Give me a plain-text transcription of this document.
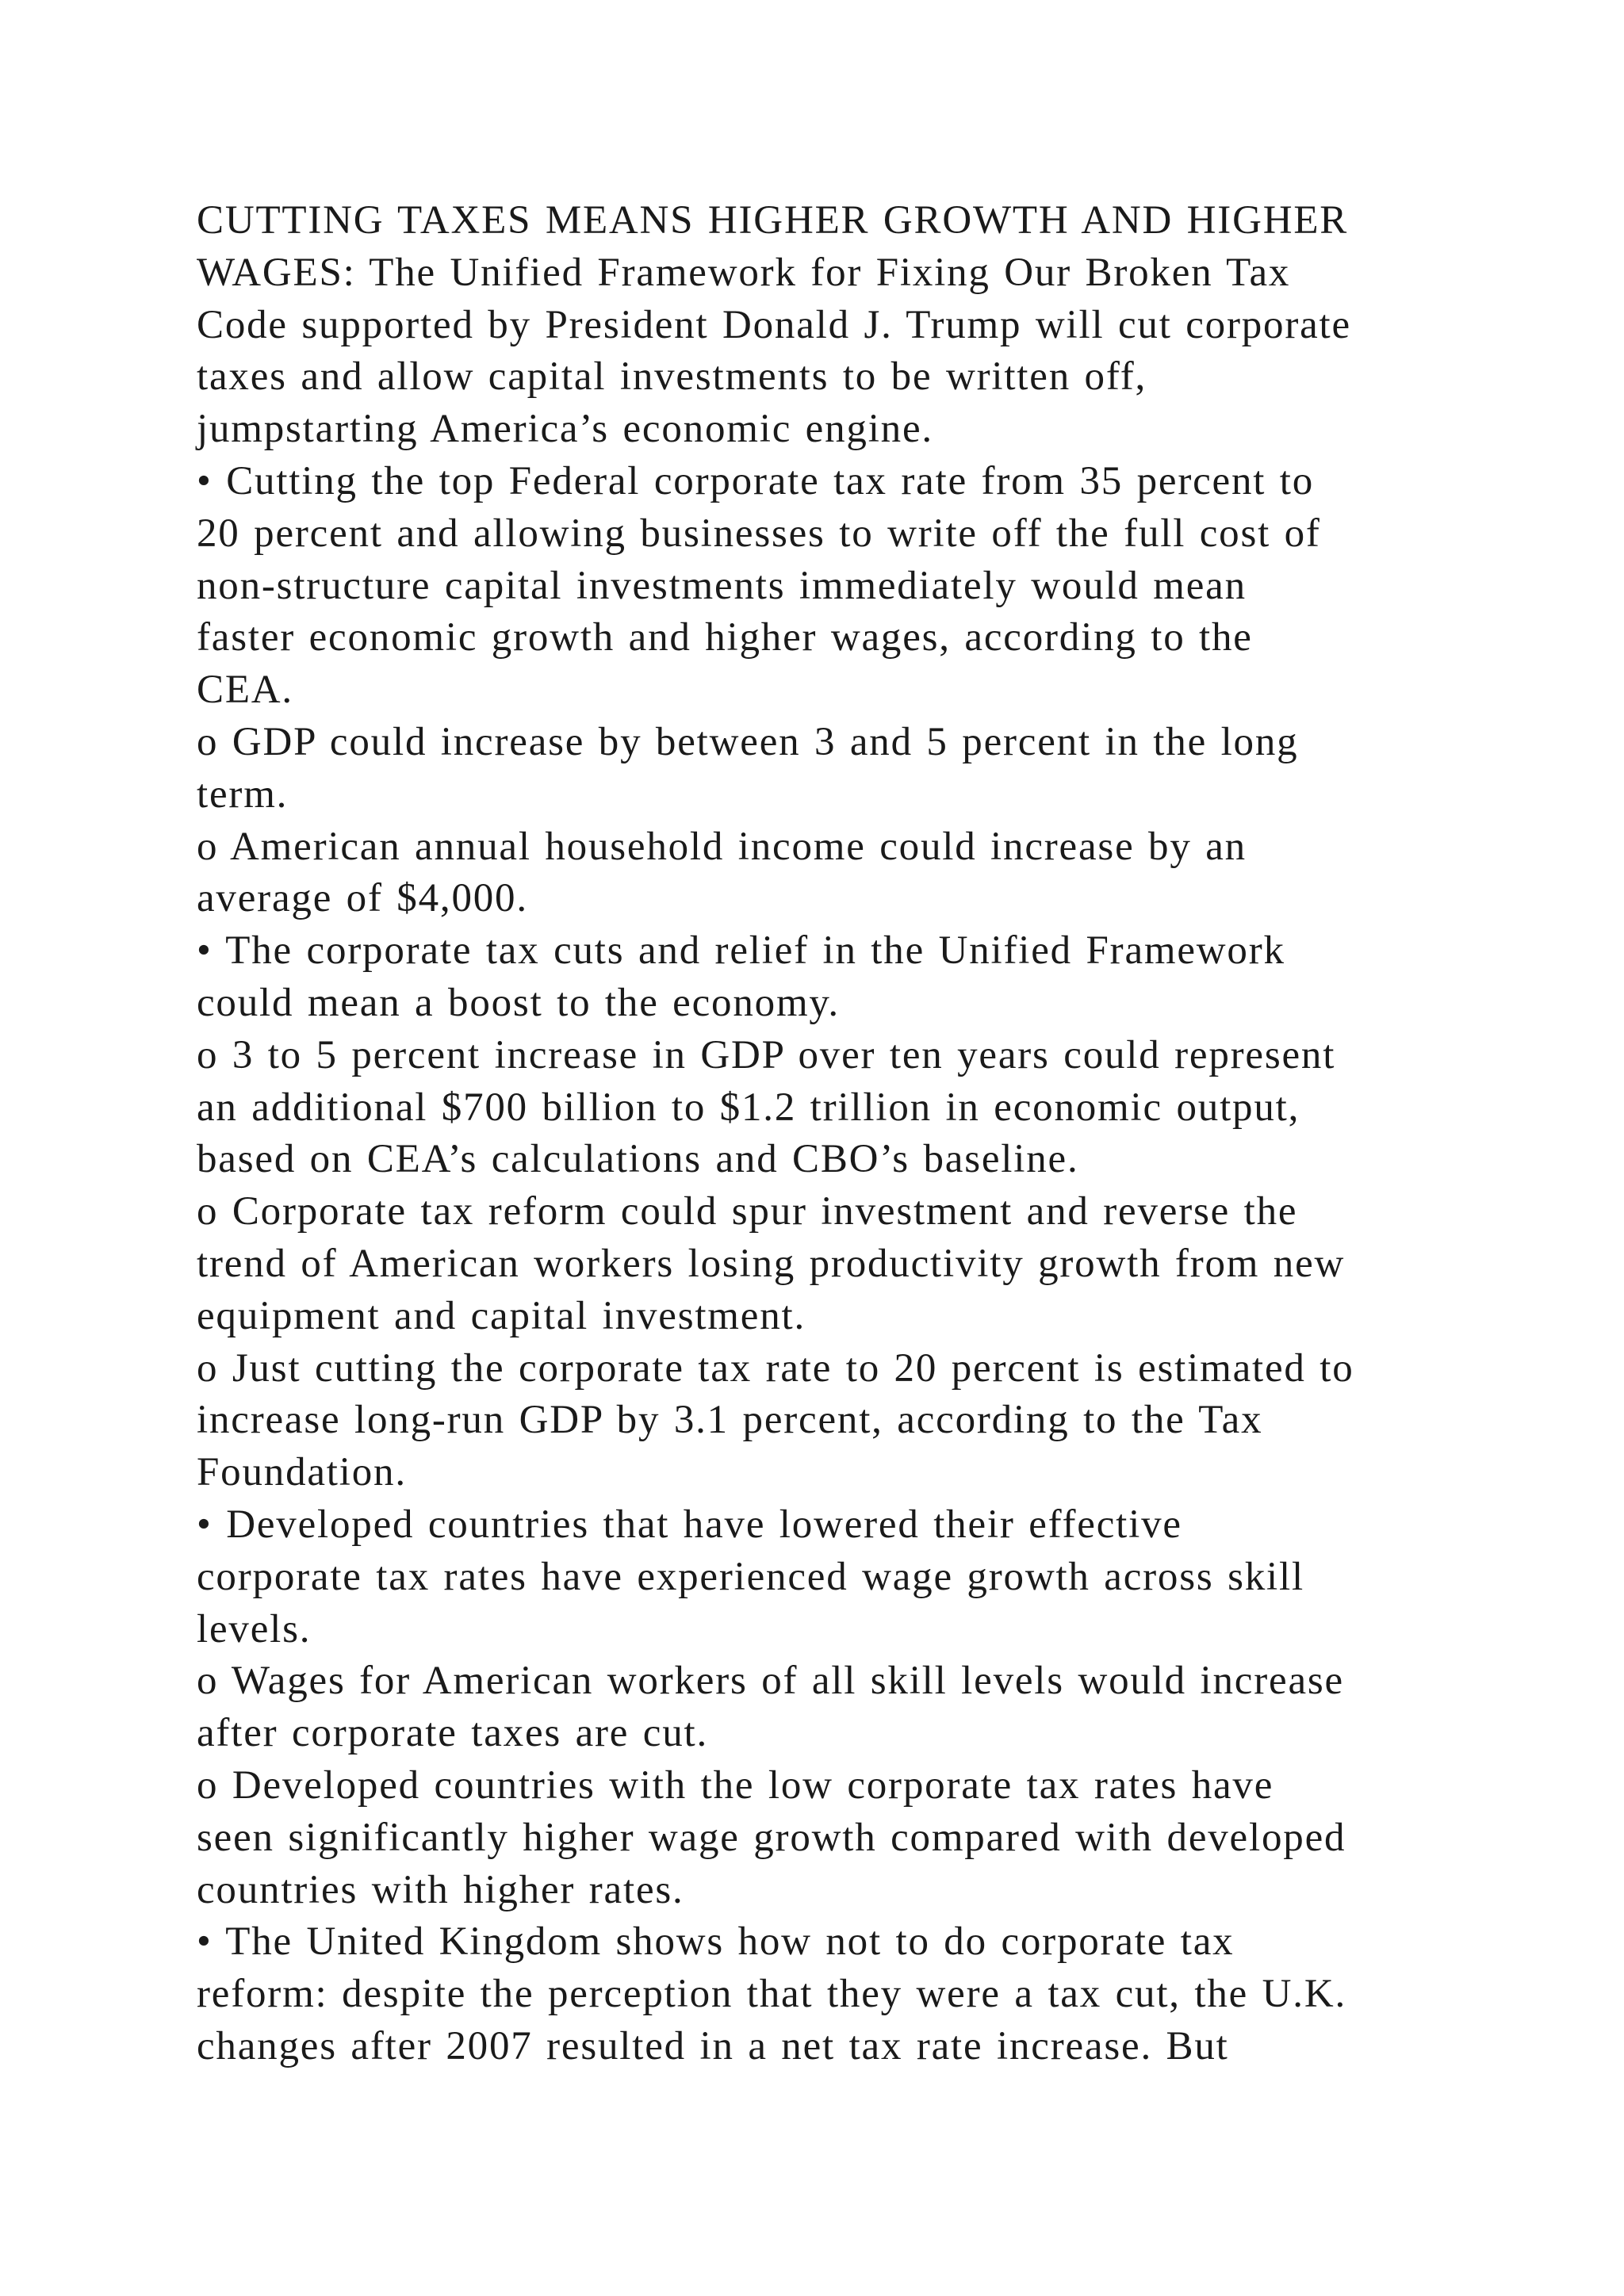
CUTTING TAXES MEANS HIGHER GROWTH AND HIGHER
WAGES: The Unified Framework for Fixing Our Broken Tax
Code supported by President Donald J. Trump will cut corporate
taxes and allow capital investments to be written off,
jumpstarting America’s economic engine.
• Cutting the top Federal corporate tax rate from 35 percent to
20 percent and allowing businesses to write off the full cost of
non-structure capital investments immediately would mean
faster economic growth and higher wages, according to the
CEA.
o GDP could increase by between 3 and 5 percent in the long
term.
o American annual household income could increase by an
average of $4,000.
• The corporate tax cuts and relief in the Unified Framework
could mean a boost to the economy.
o 3 to 5 percent increase in GDP over ten years could represent
an additional $700 billion to $1.2 trillion in economic output,
based on CEA’s calculations and CBO’s baseline.
o Corporate tax reform could spur investment and reverse the
trend of American workers losing productivity growth from new
equipment and capital investment.
o Just cutting the corporate tax rate to 20 percent is estimated to
increase long-run GDP by 3.1 percent, according to the Tax
Foundation.
• Developed countries that have lowered their effective
corporate tax rates have experienced wage growth across skill
levels.
o Wages for American workers of all skill levels would increase
after corporate taxes are cut.
o Developed countries with the low corporate tax rates have
seen significantly higher wage growth compared with developed
countries with higher rates.
• The United Kingdom shows how not to do corporate tax
reform: despite the perception that they were a tax cut, the U.K.
changes after 2007 resulted in a net tax rate increase. But
